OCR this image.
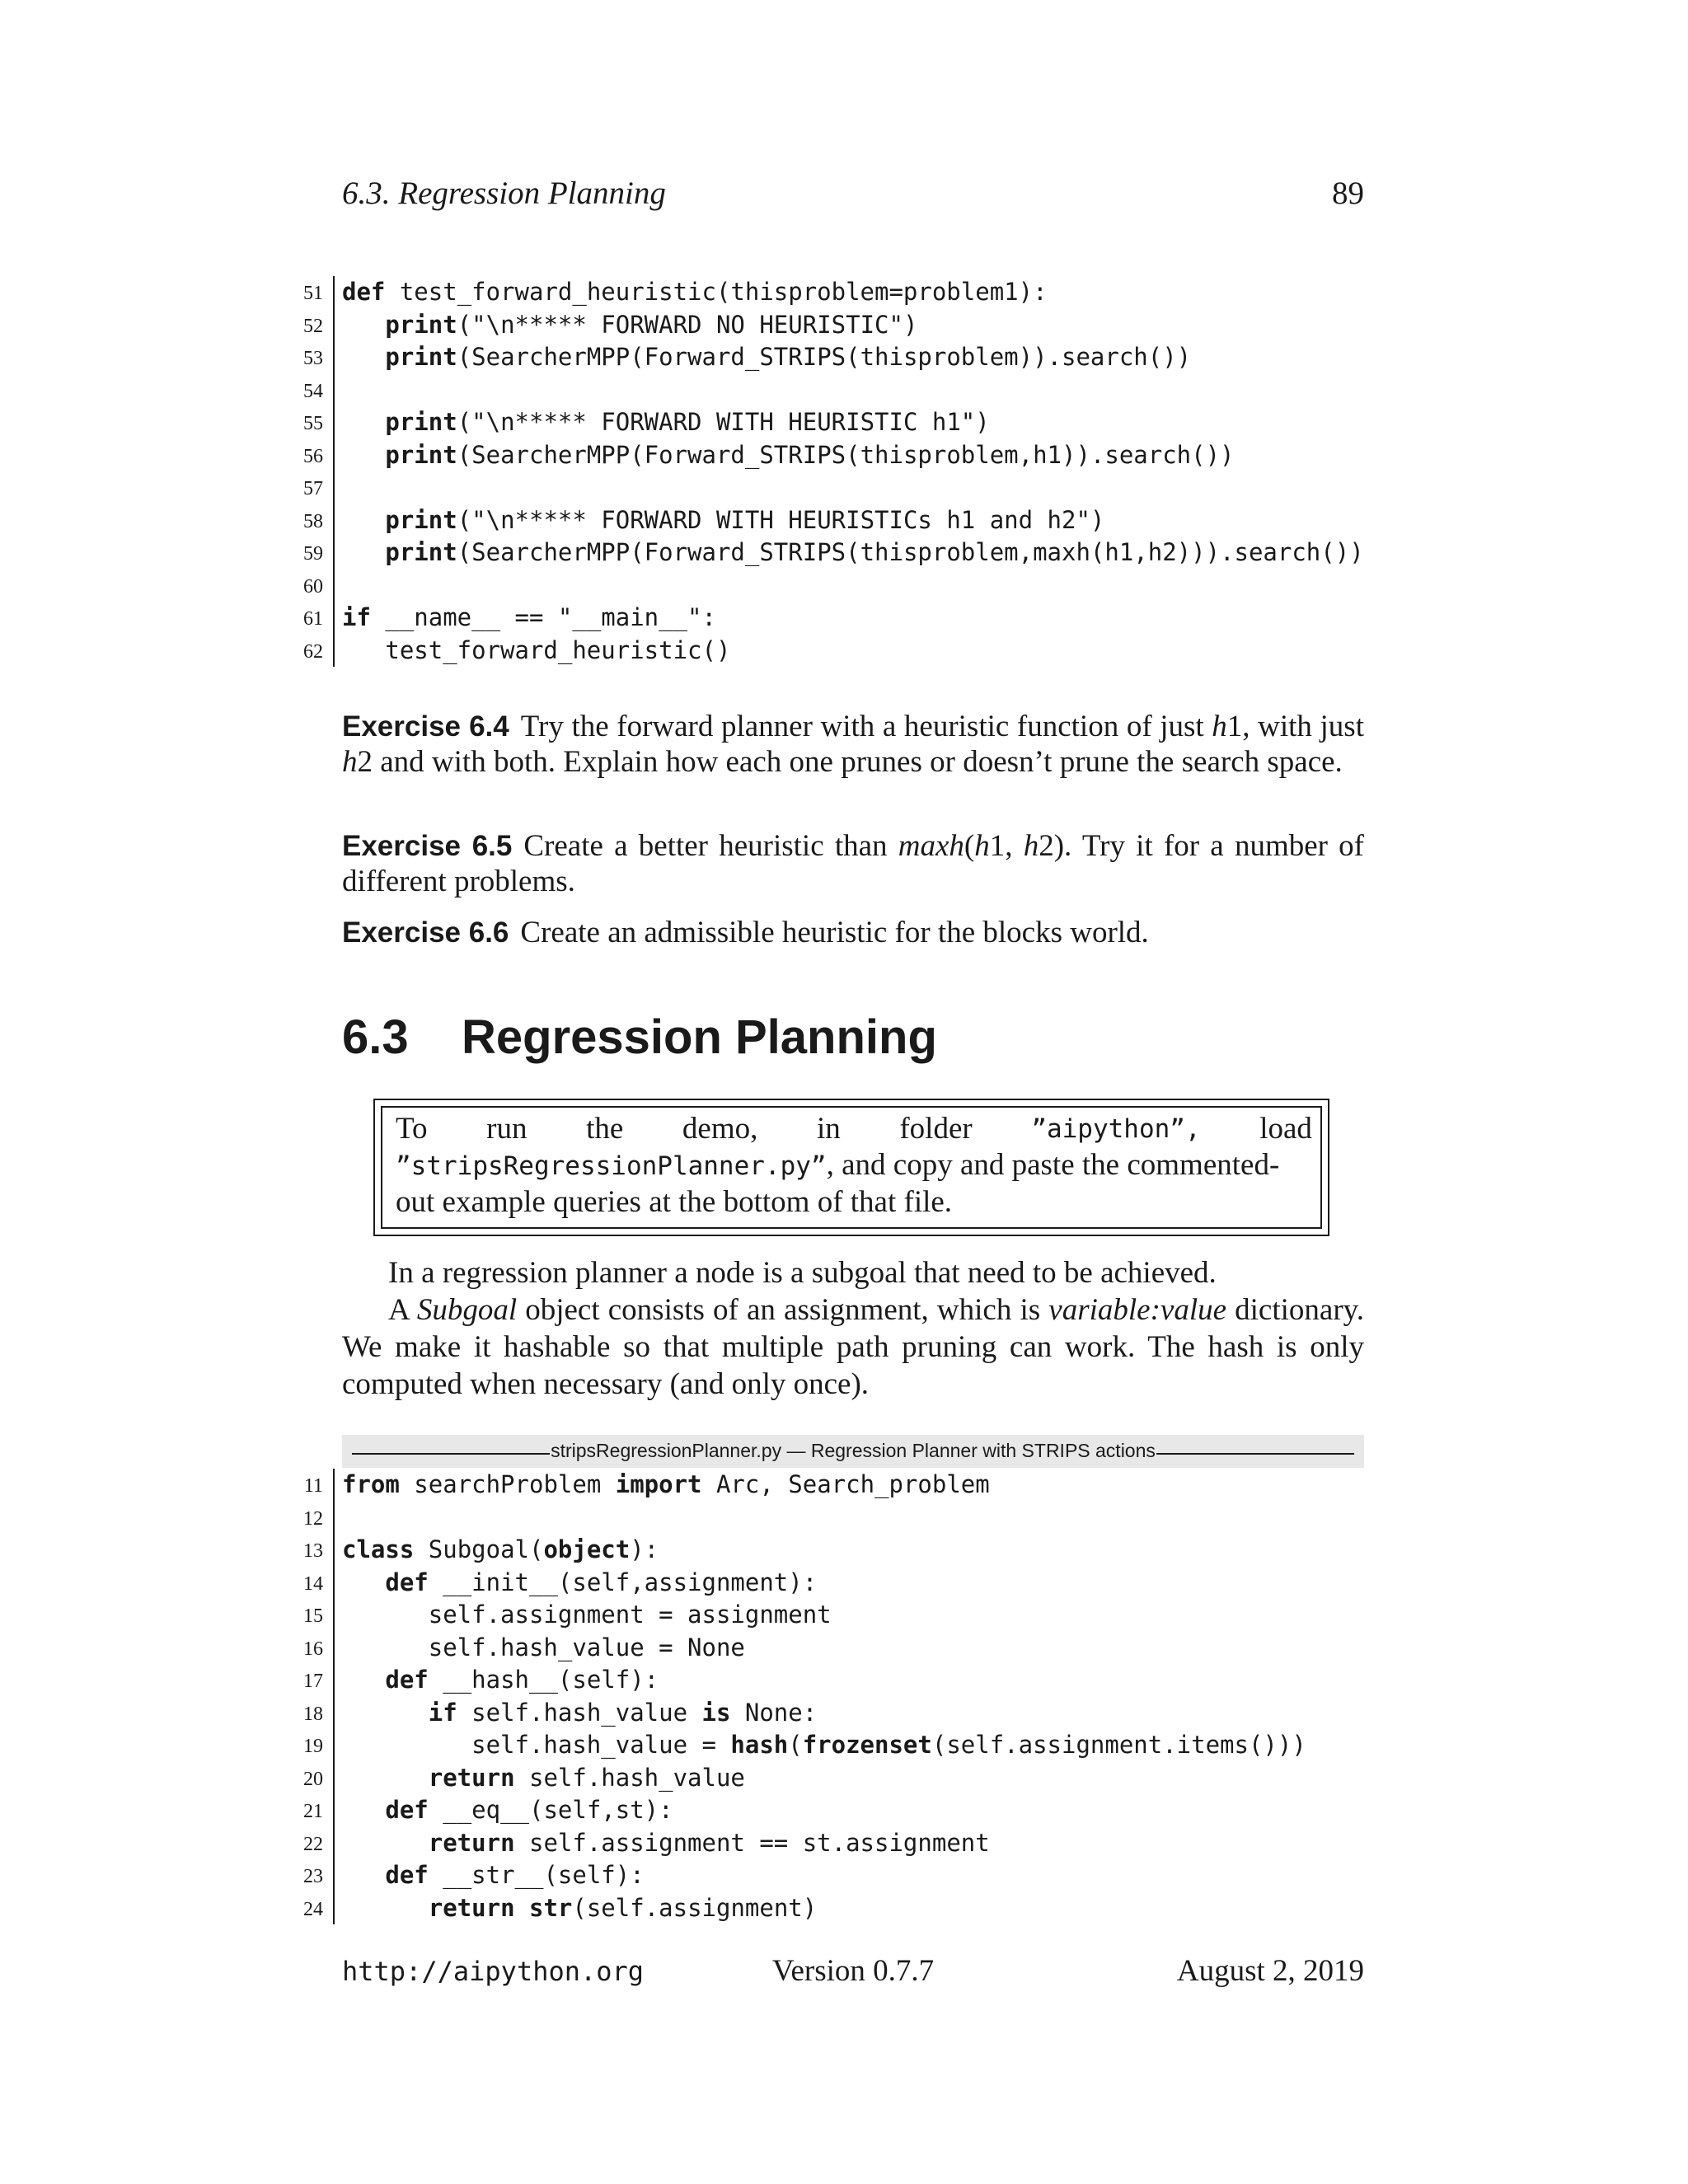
6.3. Regression Planning	89
51 def test_forward_heuristic(thisproblem=problem1):
52	print("\n***** FORWARD NO HEURISTIC")
53	print(SearcherMPP(Forward_STRIPS(thisproblem)).search())
54
55	print("\n***** FORWARD WITH HEURISTIC h1")
56	print(SearcherMPP(Forward_STRIPS(thisproblem,h1)).search())
57
58	print("\n***** FORWARD WITH HEURISTICs h1 and h2")
59	print(SearcherMPP(Forward_STRIPS(thisproblem,maxh(h1,h2))).search())
60
61 if __name__ == "__main__":
62 test_forward_heuristic()
Exercise 6.4 Try the forward planner with a heuristic function of just h1, with just h2 and with both. Explain how each one prunes or doesn’t prune the search space.
Exercise 6.5 Create a better heuristic than maxh(h1, h2). Try it for a number of different problems.
Exercise 6.6 Create an admissible heuristic for the blocks world.
6.3 Regression Planning
To run the demo, in folder ”aipython”, load
”stripsRegressionPlanner.py”, and copy and paste the commented-
out example queries at the bottom of that file.
In a regression planner a node is a subgoal that need to be achieved.
A Subgoal object consists of an assignment, which is variable:value dictionary. We make it hashable so that multiple path pruning can work. The hash is only computed when necessary (and only once).
stripsRegressionPlanner.py — Regression Planner with STRIPS actions
11 from searchProblem import Arc, Search_problem
12
13 class Subgoal(object):
14	def __init__(self,assignment):
15 self.assignment = assignment
16 self.hash_value = None
17	def __hash__(self):
18	if self.hash_value is None:
19 self.hash_value = hash(frozenset(self.assignment.items()))
20	return self.hash_value
21	def __eq__(self,st):
22	return self.assignment == st.assignment
23	def __str__(self):
24	return str(self.assignment)
http://aipython.org	Version 0.7.7	August 2, 2019
